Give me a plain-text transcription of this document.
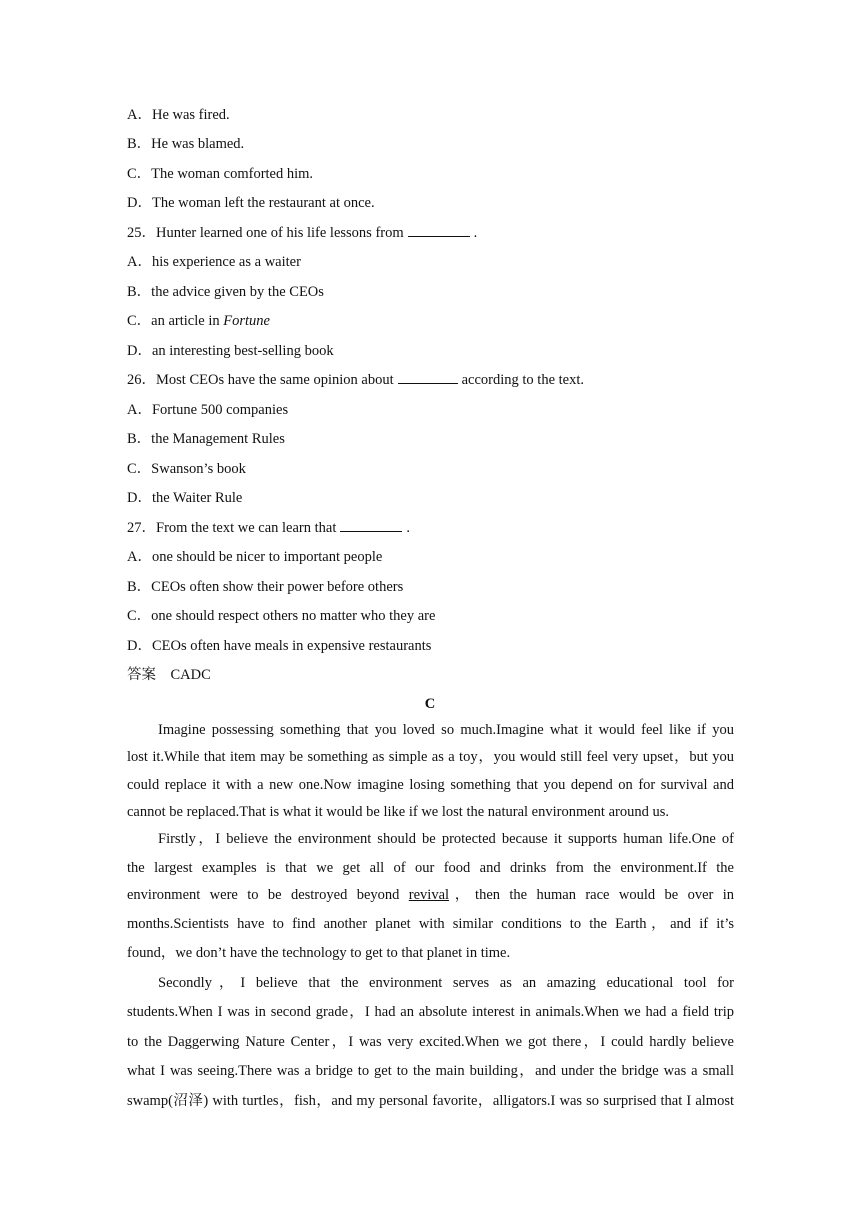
A．He was fired.
B．He was blamed.
C．The woman comforted him.
D．The woman left the restaurant at once.
25．Hunter learned one of his life lessons from	.
A．his experience as a waiter
B．the advice given by the CEOs
C．an article in Fortune
D．an interesting best-selling book
26．Most CEOs have the same opinion about	according to the text.
A．Fortune 500 companies
B．the Management Rules
C．Swanson’s book
D．the Waiter Rule
27．From the text we can learn that	.
A．one should be nicer to important people
B．CEOs often show their power before others
C．one should respect others no matter who they are
D．CEOs often have meals in expensive restaurants
答案　CADC
C
Imagine possessing something that you loved so much.Imagine what it would feel like if you
lost it.While that item may be something as simple as a toy，you would still feel very upset，but you
could replace it with a new one.Now imagine losing something that you depend on for survival and
cannot be replaced.That is what it would be like if we lost the natural environment around us.
Firstly，I believe the environment should be protected because it supports human life.One of
the largest examples is that we get all of our food and drinks from the environment.If the
environment were to be destroyed beyond revival，then the human race would be over in
months.Scientists have to find another planet with similar conditions to the Earth，and if it’s
found，we don’t have the technology to get to that planet in time.
Secondly，I believe that the environment serves as an amazing educational tool for
students.When I was in second grade，I had an absolute interest in animals.When we had a field trip
to the Daggerwing Nature Center，I was very excited.When we got there，I could hardly believe
what I was seeing.There was a bridge to get to the main building，and under the bridge was a small
swamp(沼泽) with turtles，fish，and my personal favorite，alligators.I was so surprised that I almost
